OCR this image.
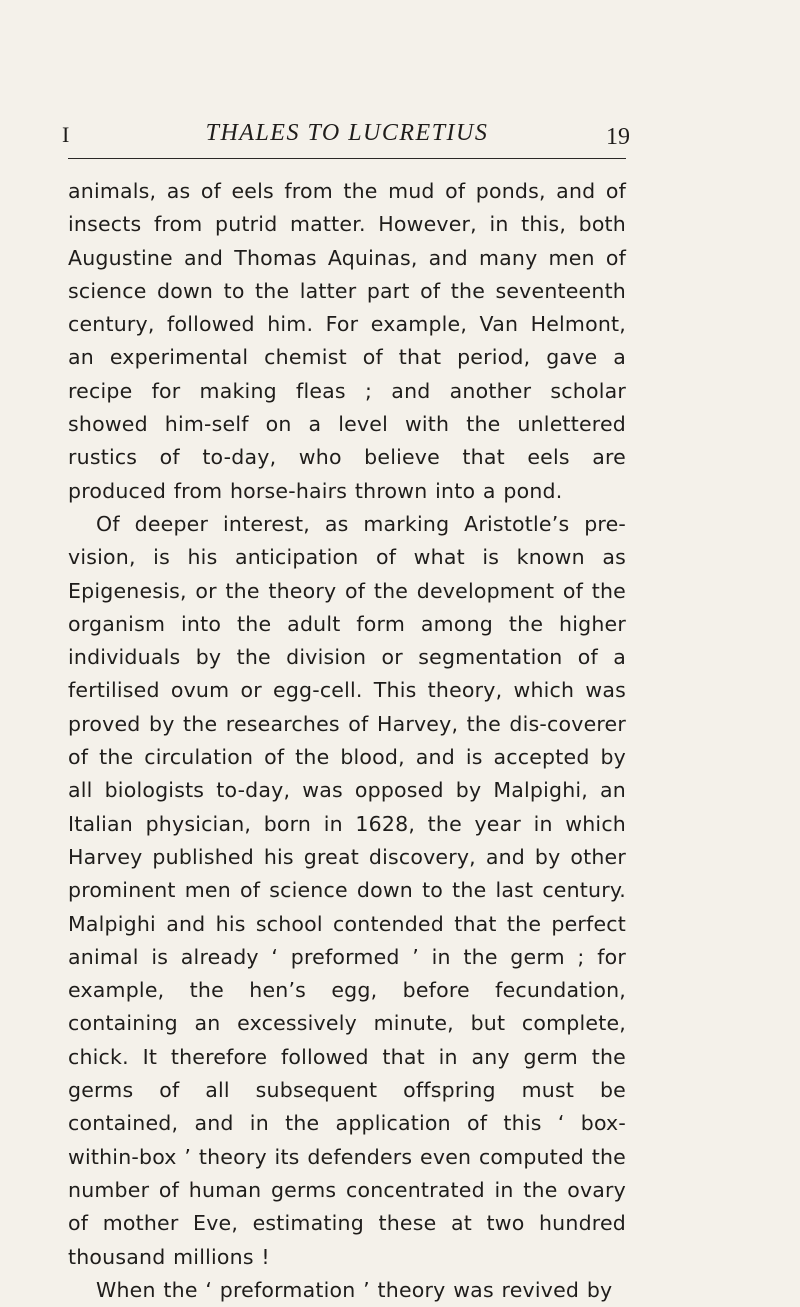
I	THALES TO LUCRETIUS	19

animals, as of eels from the mud of ponds, and of insects from putrid matter. However, in this, both Augustine and Thomas Aquinas, and many men of science down to the latter part of the seventeenth century, followed him. For example, Van Helmont, an experimental chemist of that period, gave a recipe for making fleas ; and another scholar showed him-self on a level with the unlettered rustics of to-day, who believe that eels are produced from horse-hairs thrown into a pond.

Of deeper interest, as marking Aristotle’s pre-vision, is his anticipation of what is known as Epigenesis, or the theory of the development of the organism into the adult form among the higher individuals by the division or segmentation of a fertilised ovum or egg-cell. This theory, which was proved by the researches of Harvey, the dis-coverer of the circulation of the blood, and is accepted by all biologists to-day, was opposed by Malpighi, an Italian physician, born in 1628, the year in which Harvey published his great discovery, and by other prominent men of science down to the last century. Malpighi and his school contended that the perfect animal is already ‘ preformed ’ in the germ ; for example, the hen’s egg, before fecundation, containing an excessively minute, but complete, chick. It therefore followed that in any germ the germs of all subsequent offspring must be contained, and in the application of this ‘ box-within-box ’ theory its defenders even computed the number of human germs concentrated in the ovary of mother Eve, estimating these at two hundred thousand millions !

When the ‘ preformation ’ theory was revived by
